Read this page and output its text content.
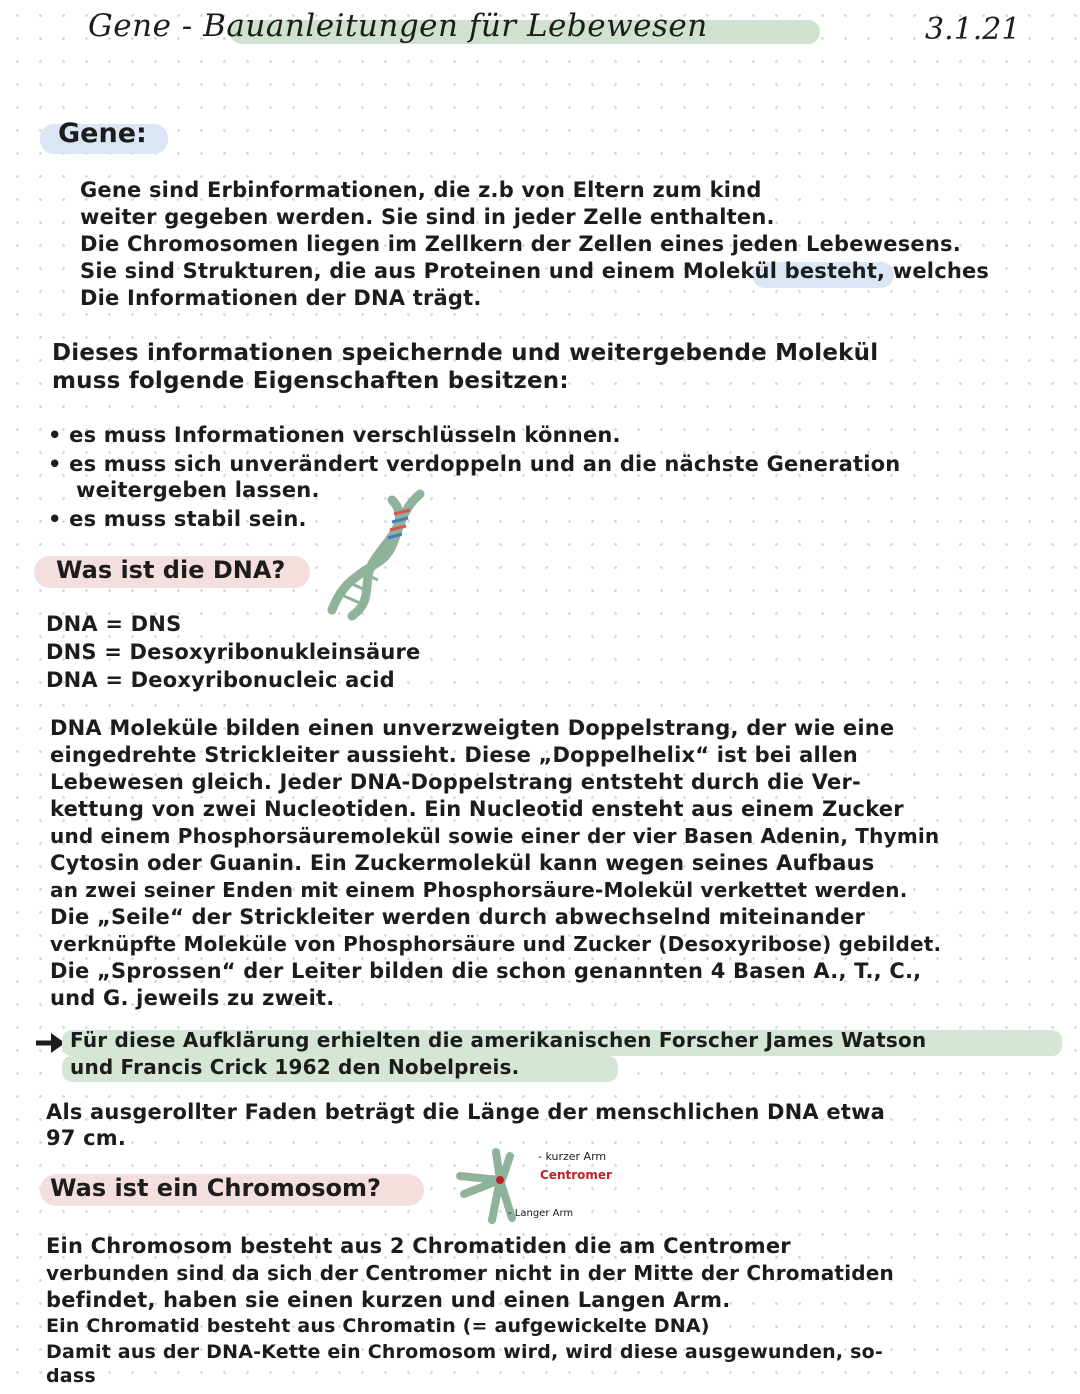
Gene - Bauanleitungen für Lebewesen	3.1.21
Gene:
Gene sind Erbinformationen, die z.b von Eltern zum kind
weiter gegeben werden. Sie sind in jeder Zelle enthalten.
Die Chromosomen liegen im Zellkern der Zellen eines jeden Lebewesens.
Sie sind Strukturen, die aus Proteinen und einem Molekül besteht, welches
Die Informationen der DNA trägt.
Dieses informationen speichernde und weitergebende Molekül
muss folgende Eigenschaften besitzen:
• es muss Informationen verschlüsseln können.
• es muss sich unverändert verdoppeln und an die nächste Generation
weitergeben lassen.
• es muss stabil sein.
Was ist die DNA?
DNA = DNS
DNS = Desoxyribonukleinsäure
DNA = Deoxyribonucleic acid
DNA Moleküle bilden einen unverzweigten Doppelstrang, der wie eine
eingedrehte Strickleiter aussieht. Diese „Doppelhelix“ ist bei allen
Lebewesen gleich. Jeder DNA-Doppelstrang entsteht durch die Ver-
kettung von zwei Nucleotiden. Ein Nucleotid ensteht aus einem Zucker
und einem Phosphorsäuremolekül sowie einer der vier Basen Adenin, Thymin
Cytosin oder Guanin. Ein Zuckermolekül kann wegen seines Aufbaus
an zwei seiner Enden mit einem Phosphorsäure-Molekül verkettet werden.
Die „Seile“ der Strickleiter werden durch abwechselnd miteinander
verknüpfte Moleküle von Phosphorsäure und Zucker (Desoxyribose) gebildet.
Die „Sprossen“ der Leiter bilden die schon genannten 4 Basen A., T., C.,
und G. jeweils zu zweit.
Für diese Aufklärung erhielten die amerikanischen Forscher James Watson
und Francis Crick 1962 den Nobelpreis.
Als ausgerollter Faden beträgt die Länge der menschlichen DNA etwa
97 cm.
Was ist ein Chromosom?
- kurzer Arm
Centromer
- Langer Arm
Ein Chromosom besteht aus 2 Chromatiden die am Centromer
verbunden sind da sich der Centromer nicht in der Mitte der Chromatiden
befindet, haben sie einen kurzen und einen Langen Arm.
Ein Chromatid besteht aus Chromatin (= aufgewickelte DNA)
Damit aus der DNA-Kette ein Chromosom wird, wird diese ausgewunden, so-
dass
